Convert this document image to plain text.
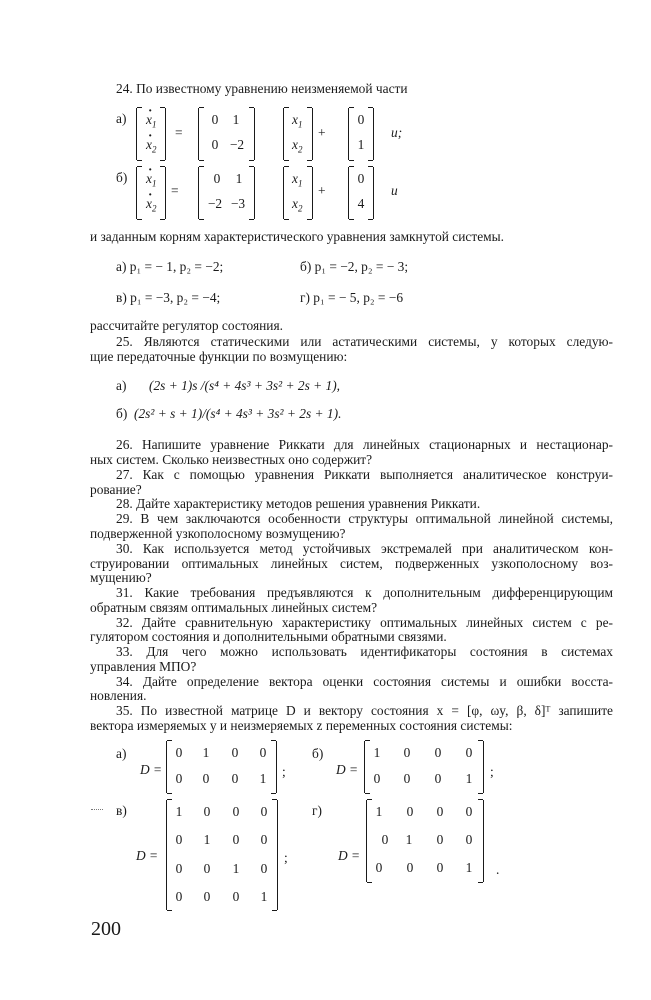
24. По известному уравнению неизменяемой части
$а) \cdot x_1$
· $x_2$
=
0	1
0 −2
$x_1$
$x_2$
+
0
1
u;
$б) \cdot x_1$
· $x_2$
=
0	1
−2 −3
$x_1$
$x_2$
+
0
4
u
и заданным корням характеристического уравнения замкнутой системы.
а) p₁ = − 1, p₂ = −2;	б) p₁ = −2, p₂ = − 3;
в) p₁ = −3, p₂ = −4;	г) p₁ = − 5, p₂ = −6
рассчитайте регулятор состояния.
25. Являются статическими или астатическими системы, у которых следую-
щие передаточные функции по возмущению:
а) (2s + 1)s /(s⁴ + 4s³ + 3s² + 2s + 1),
б) (2s² + s + 1)/(s⁴ + 4s³ + 3s² + 2s + 1).
26. Напишите уравнение Риккати для линейных стационарных и нестационар-
ных систем. Сколько неизвестных оно содержит?
27. Как с помощью уравнения Риккати выполняется аналитическое конструи-
рование?
28. Дайте характеристику методов решения уравнения Риккати.
29. В чем заключаются особенности структуры оптимальной линейной системы,
подверженной узкополосному возмущению?
30. Как используется метод устойчивых экстремалей при аналитическом кон-
струировании оптимальных линейных систем, подверженных узкополосному воз-
мущению?
31. Какие требования предъявляются к дополнительным дифференцирующим
обратным связям оптимальных линейных систем?
32. Дайте сравнительную характеристику оптимальных линейных систем с ре-
гулятором состояния и дополнительными обратными связями.
33. Для чего можно использовать идентификаторы состояния в системах
управления МПО?
34. Дайте определение вектора оценки состояния системы и ошибки восста-
новления.
35. По известной матрице D и вектору состояния x = [φ, ωy, β, δ]ᵀ запишите
вектора измеряемых y и неизмеряемых z переменных состояния системы:
а)
D =
0	1	0	0
0	0	0	1	;
б)
D =
1	0	0	0
0	0	0	1	;
в)
D =
1	0	0	0
0	1	0	0
0	0	1	0
0	0	0	1
;
г)
D =
1	0	0	0
0	1	0	0
0	0	0	1	.
200
